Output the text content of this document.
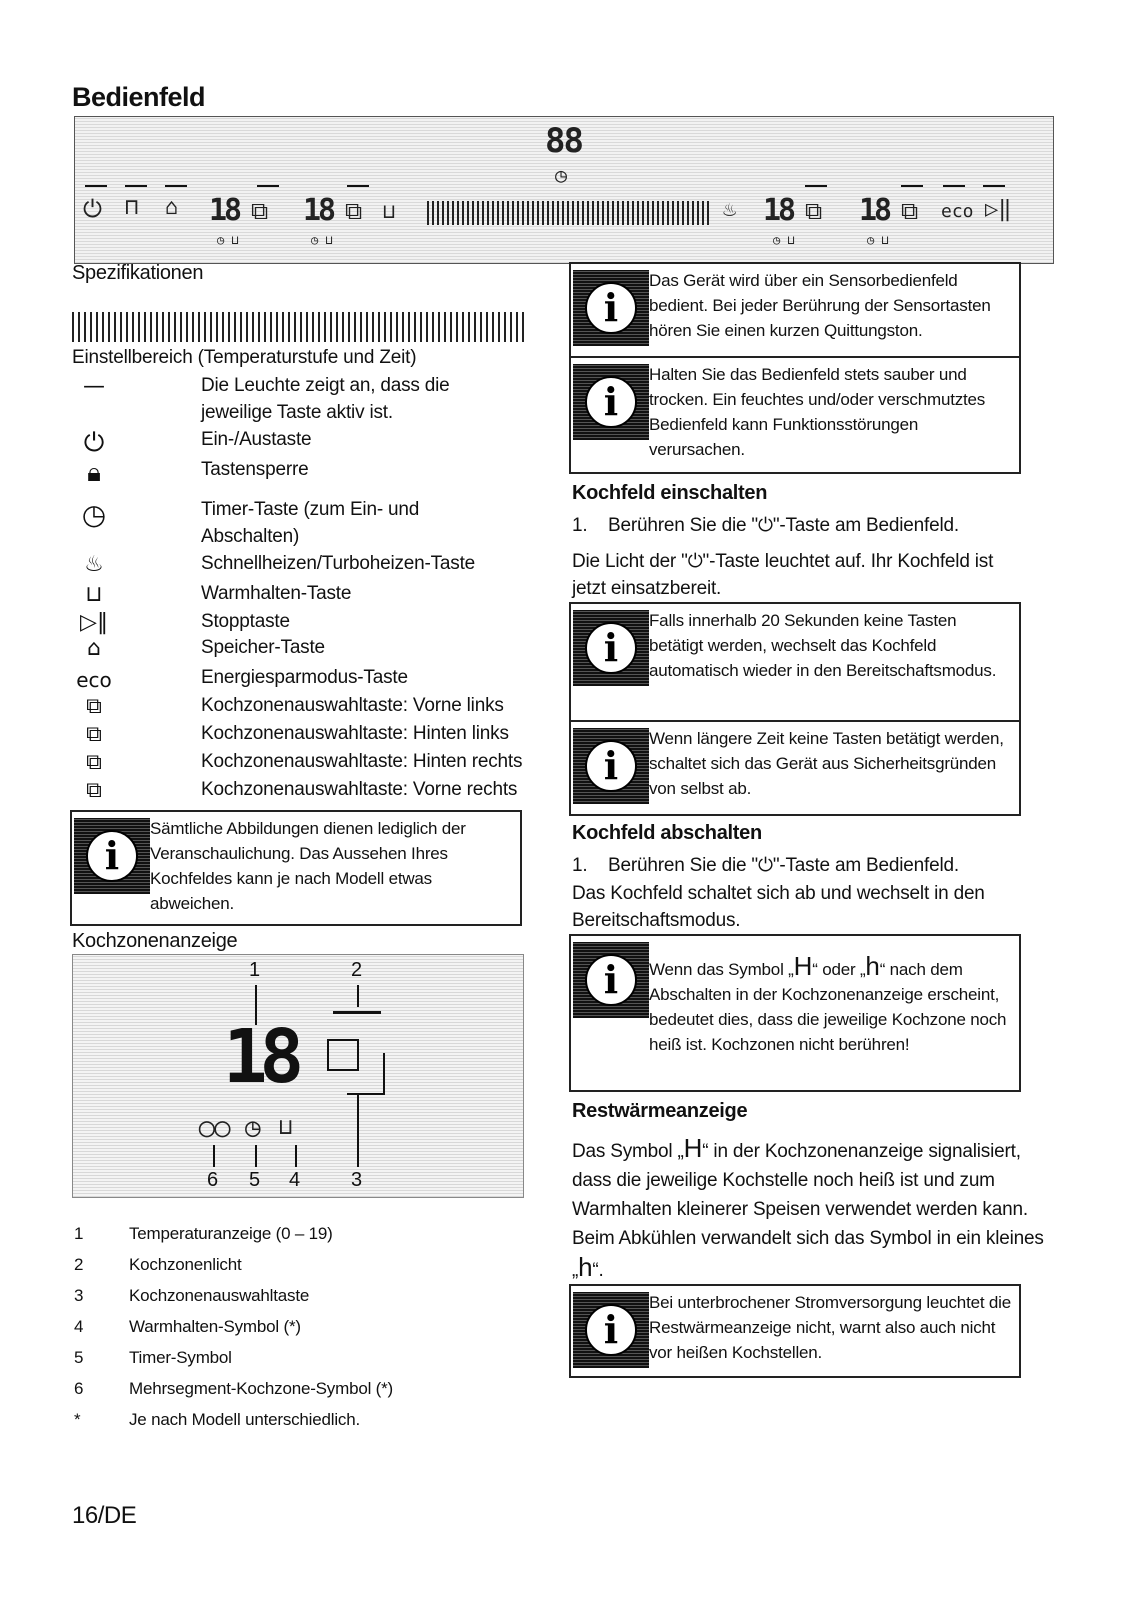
Bedienfeld
88
◷
⏻ ⊓ ⌂ 18 ⧉ 18 ⧉ ⊔	♨ 18 ⧉ 18 ⧉ eco ▷‖
◷ ⊔	◷ ⊔	◷ ⊔	◷ ⊔
Spezifikationen
Einstellbereich (Temperaturstufe und Zeit)
—	Die Leuchte zeigt an, dass die jeweilige Taste aktiv ist.
⏻	Ein-/Austaste
🔒︎	Tastensperre
◷	Timer-Taste (zum Ein- und Abschalten)
♨	Schnellheizen/Turboheizen-Taste
⊔	Warmhalten-Taste
▷‖	Stopptaste
⌂	Speicher-Taste
eco	Energiesparmodus-Taste
⧉	Kochzonenauswahltaste: Vorne links
⧉	Kochzonenauswahltaste: Hinten links
⧉	Kochzonenauswahltaste: Hinten rechts
⧉	Kochzonenauswahltaste: Vorne rechts
i
Sämtliche Abbildungen dienen lediglich der Veranschaulichung. Das Aussehen Ihres Kochfeldes kann je nach Modell etwas abweichen.
Kochzonenanzeige
1	2
18
◯◯ ◷ ⊔
6 5 4	3
1	Temperaturanzeige (0 – 19)
2	Kochzonenlicht
3	Kochzonenauswahltaste
4	Warmhalten-Symbol (*)
5	Timer-Symbol
6	Mehrsegment-Kochzone-Symbol (*)
*	Je nach Modell unterschiedlich.
i
Das Gerät wird über ein Sensorbedienfeld bedient. Bei jeder Berührung der Sensortasten hören Sie einen kurzen Quittungston.
i
Halten Sie das Bedienfeld stets sauber und trocken. Ein feuchtes und/oder verschmutztes Bedienfeld kann Funktionsstörungen verursachen.
Kochfeld einschalten
1. Berühren Sie die "⏻"-Taste am Bedienfeld.
Die Licht der "⏻"-Taste leuchtet auf. Ihr Kochfeld ist jetzt einsatzbereit.
i
Falls innerhalb 20 Sekunden keine Tasten betätigt werden, wechselt das Kochfeld automatisch wieder in den Bereitschaftsmodus.
i
Wenn längere Zeit keine Tasten betätigt werden, schaltet sich das Gerät aus Sicherheitsgründen von selbst ab.
Kochfeld abschalten
1. Berühren Sie die "⏻"-Taste am Bedienfeld.
Das Kochfeld schaltet sich ab und wechselt in den Bereitschaftsmodus.
i	Wenn das Symbol „H“ oder „h“ nach dem Abschalten in der Kochzonenanzeige erscheint, bedeutet dies, dass die jeweilige Kochzone noch heiß ist. Kochzonen nicht berühren!
Restwärmeanzeige
Das Symbol „H“ in der Kochzonenanzeige signalisiert, dass die jeweilige Kochstelle noch heiß ist und zum Warmhalten kleinerer Speisen verwendet werden kann. Beim Abkühlen verwandelt sich das Symbol in ein kleines „h“.
i
Bei unterbrochener Stromversorgung leuchtet die Restwärmeanzeige nicht, warnt also auch nicht vor heißen Kochstellen.
16/DE
